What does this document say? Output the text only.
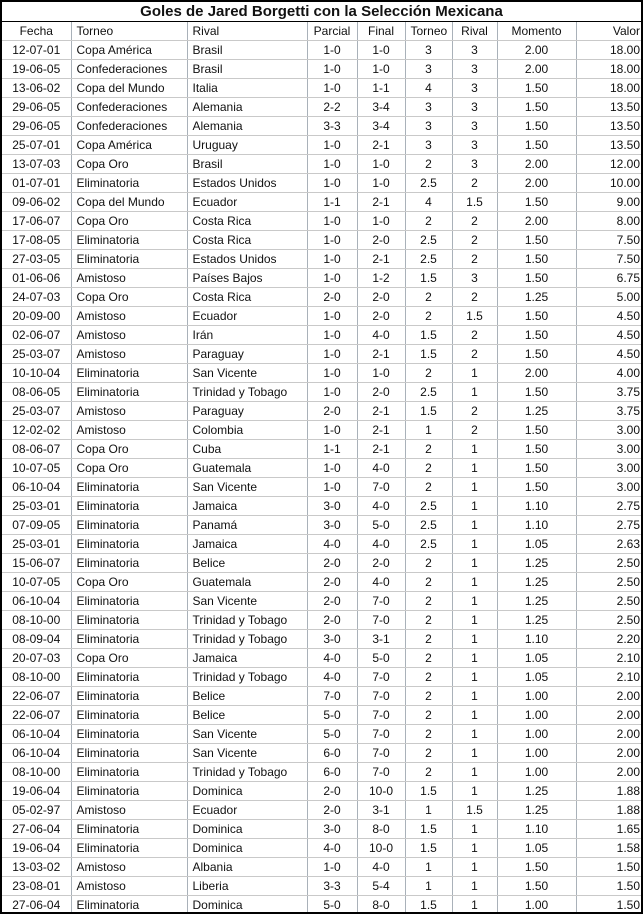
Goles de Jared Borgetti con la Selección Mexicana
Fecha	Torneo	Rival	Parcial	Final	Torneo	Rival	Momento	Valor
12-07-01	Copa América	Brasil	1-0	1-0	3	3	2.00	18.00
19-06-05	Confederaciones	Brasil	1-0	1-0	3	3	2.00	18.00
13-06-02	Copa del Mundo	Italia	1-0	1-1	4	3	1.50	18.00
29-06-05	Confederaciones	Alemania	2-2	3-4	3	3	1.50	13.50
29-06-05	Confederaciones	Alemania	3-3	3-4	3	3	1.50	13.50
25-07-01	Copa América	Uruguay	1-0	2-1	3	3	1.50	13.50
13-07-03	Copa Oro	Brasil	1-0	1-0	2	3	2.00	12.00
01-07-01	Eliminatoria	Estados Unidos	1-0	1-0	2.5	2	2.00	10.00
09-06-02	Copa del Mundo	Ecuador	1-1	2-1	4	1.5	1.50	9.00
17-06-07	Copa Oro	Costa Rica	1-0	1-0	2	2	2.00	8.00
17-08-05	Eliminatoria	Costa Rica	1-0	2-0	2.5	2	1.50	7.50
27-03-05	Eliminatoria	Estados Unidos	1-0	2-1	2.5	2	1.50	7.50
01-06-06	Amistoso	Países Bajos	1-0	1-2	1.5	3	1.50	6.75
24-07-03	Copa Oro	Costa Rica	2-0	2-0	2	2	1.25	5.00
20-09-00	Amistoso	Ecuador	1-0	2-0	2	1.5	1.50	4.50
02-06-07	Amistoso	Irán	1-0	4-0	1.5	2	1.50	4.50
25-03-07	Amistoso	Paraguay	1-0	2-1	1.5	2	1.50	4.50
10-10-04	Eliminatoria	San Vicente	1-0	1-0	2	1	2.00	4.00
08-06-05	Eliminatoria	Trinidad y Tobago	1-0	2-0	2.5	1	1.50	3.75
25-03-07	Amistoso	Paraguay	2-0	2-1	1.5	2	1.25	3.75
12-02-02	Amistoso	Colombia	1-0	2-1	1	2	1.50	3.00
08-06-07	Copa Oro	Cuba	1-1	2-1	2	1	1.50	3.00
10-07-05	Copa Oro	Guatemala	1-0	4-0	2	1	1.50	3.00
06-10-04	Eliminatoria	San Vicente	1-0	7-0	2	1	1.50	3.00
25-03-01	Eliminatoria	Jamaica	3-0	4-0	2.5	1	1.10	2.75
07-09-05	Eliminatoria	Panamá	3-0	5-0	2.5	1	1.10	2.75
25-03-01	Eliminatoria	Jamaica	4-0	4-0	2.5	1	1.05	2.63
15-06-07	Eliminatoria	Belice	2-0	2-0	2	1	1.25	2.50
10-07-05	Copa Oro	Guatemala	2-0	4-0	2	1	1.25	2.50
06-10-04	Eliminatoria	San Vicente	2-0	7-0	2	1	1.25	2.50
08-10-00	Eliminatoria	Trinidad y Tobago	2-0	7-0	2	1	1.25	2.50
08-09-04	Eliminatoria	Trinidad y Tobago	3-0	3-1	2	1	1.10	2.20
20-07-03	Copa Oro	Jamaica	4-0	5-0	2	1	1.05	2.10
08-10-00	Eliminatoria	Trinidad y Tobago	4-0	7-0	2	1	1.05	2.10
22-06-07	Eliminatoria	Belice	7-0	7-0	2	1	1.00	2.00
22-06-07	Eliminatoria	Belice	5-0	7-0	2	1	1.00	2.00
06-10-04	Eliminatoria	San Vicente	5-0	7-0	2	1	1.00	2.00
06-10-04	Eliminatoria	San Vicente	6-0	7-0	2	1	1.00	2.00
08-10-00	Eliminatoria	Trinidad y Tobago	6-0	7-0	2	1	1.00	2.00
19-06-04	Eliminatoria	Dominica	2-0	10-0	1.5	1	1.25	1.88
05-02-97	Amistoso	Ecuador	2-0	3-1	1	1.5	1.25	1.88
27-06-04	Eliminatoria	Dominica	3-0	8-0	1.5	1	1.10	1.65
19-06-04	Eliminatoria	Dominica	4-0	10-0	1.5	1	1.05	1.58
13-03-02	Amistoso	Albania	1-0	4-0	1	1	1.50	1.50
23-08-01	Amistoso	Liberia	3-3	5-4	1	1	1.50	1.50
27-06-04	Eliminatoria	Dominica	5-0	8-0	1.5	1	1.00	1.50
